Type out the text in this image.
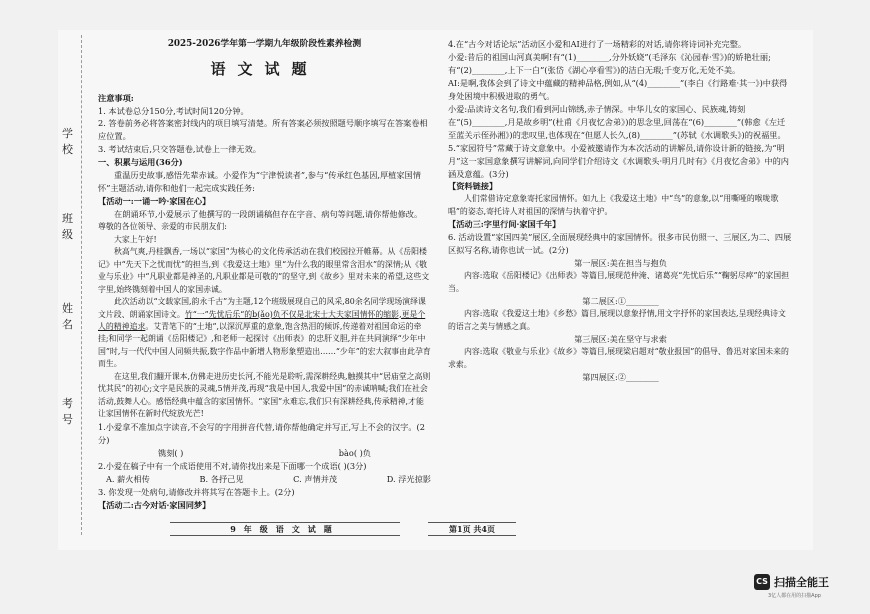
学校
班级
姓名
考号
2025-2026学年第一学期九年级阶段性素养检测
语文试题
注意事项:
1. 本试卷总分150分,考试时间120分钟。
2. 答卷前务必将答案密封线内的项目填写清楚。所有答案必须按照题号顺序填写在答案卷相应位置。
3. 考试结束后,只交答题卷,试卷上一律无效。
一、积累与运用(36分)
重温历史故事,感悟先辈赤诚。小爱作为“宁津悦读者”,参与“传承红色基因,厚植家国情怀”主题活动,请你和他们一起完成实践任务:
【活动一:一诵一吟·家国在心】
在朗诵环节,小爱展示了他撰写的一段朗诵稿但存在字音、病句等问题,请你帮他修改。
尊敬的各位领导、亲爱的市民朋友们:
大家上午好!
秋高气爽,丹桂飘香,一场以“家国”为核心的文化传承活动在我们校园拉开帷幕。从《岳阳楼记》中“先天下之忧而忧”的担当,到《我爱这土地》里“为什么我的眼里常含泪水”的深情;从《敬业与乐业》中“凡职业都是神圣的,凡职业都是可敬的”的坚守,到《故乡》里对未来的希望,这些文字里,始终镌刻着中国人的家国赤诚。
此次活动以“文载家国,韵永千古”为主题,12个班级展现自己的风采,80余名同学现场演绎课文片段、朗诵家国诗文。竹“一”先忧后乐“的b(ǎo)负不仅是北宋士大夫家国情怀的缩影,更是个人的精神追求。艾青笔下的“土地”,以深沉厚重的意象,饱含热泪的倾诉,传递着对祖国命运的牵挂;和同学一起朗诵《岳阳楼记》,和老师一起探讨《出师表》的忠肝义胆,并在共同演绎“少年中国”时,与一代代中国人同频共振,数字作品中新增人物形象塑造出……“少年”的宏大叙事由此孕育而生。
在这里,我们翻开课本,仿佛走进历史长河,不能光是聆听,需深耕经典,触摸其中“居庙堂之高则忧其民”的初心;文字是民族的灵魂,5情并茂,再现“我是中国人,我爱中国”的赤诚呐喊;我们在社会活动,鼓舞人心。感悟经典中蕴含的家国情怀。“家国”永难忘,我们只有深耕经典,传承精神,才能让家国情怀在新时代绽放光芒!
1.小爱拿不准加点字读音,不会写的字用拼音代替,请你帮他确定并写正,写上不会的汉字。(2分)
镌刻( )	bào( )负
2.小爱在稿子中有一个成语使用不对,请你找出来是下面哪一个成语( )(3分)
A. 薪火相传	B. 各抒己见	C. 声情并茂	D. 浮光掠影
3. 你发现一处病句,请修改并将其写在答题卡上。(2分)
【活动二:古今对话·家国同梦】
4.在“古今对话论坛”活动区小爱和AI进行了一场精彩的对话,请你将诗词补充完整。
小爱:昔后的祖国山河真美啊!有“(1)________,分外妖娆”(毛泽东《沁园春·雪》)的娇艳壮丽;有“(2)________,上下一白”(张岱《湖心亭看雪》)的洁白无瑕;千变万化,无处不美。
AI:是啊,我体会到了诗文中蕴藏的精神品格,例如,从“(4)________”(李白《行路难·其一》)中获得身处困境中积极进取的勇气。
小爱:品读诗文名句,我们看到河山锦绣,赤子情深。中华儿女的家国心、民族魂,铸刻在“(5)________,月是故乡明”(杜甫《月夜忆舍弟》)的思念里,回荡在“(6)________”(韩愈《左迁至蓝关示侄孙湘》)的悲叹里,也体现在“但愿人长久,(8)________”(苏轼《水调歌头》)的祝福里。
5.“家园符号”常藏于诗文意象中。小爱被邀请作为本次活动的讲解员,请你设计新的链接,为“明月”这一家国意象撰写讲解词,向同学们介绍诗文《水调歌头·明月几时有》《月夜忆舍弟》中的内涵及意蕴。(3分)
【资料链接】
人们常借诗定意象寄托家园情怀。如九上《我爱这土地》中“鸟”的意象,以“用嘶哑的喉咙歌唱”的姿态,寄托诗人对祖国的深情与执着守护。
【活动三:字里行间·家国千年】
6. 活动设置“家国四美”展区,全面展现经典中的家国情怀。很多市民仿照一、三展区,为二、四展区拟写名称,请你也试一试。(2分)
第一展区:美在担当与抱负
内容:选取《岳阳楼记》《出师表》等篇目,展现范仲淹、诸葛亮“先忧后乐”“鞠躬尽瘁”的家国担当。
第二展区:①________
内容:选取《我爱这土地》《乡愁》篇目,展现以意象抒情,用文字抒怀的家国表达,呈现经典诗文的语言之美与情感之真。
第三展区:美在坚守与求索
内容:选取《敬业与乐业》《故乡》等篇目,展现梁启超对“敬业报国”的倡导、鲁迅对家国未来的求索。
第四展区:②________
9年级语文试题	第1页 共4页
CS 扫描全能王
3亿人都在用的扫描App
